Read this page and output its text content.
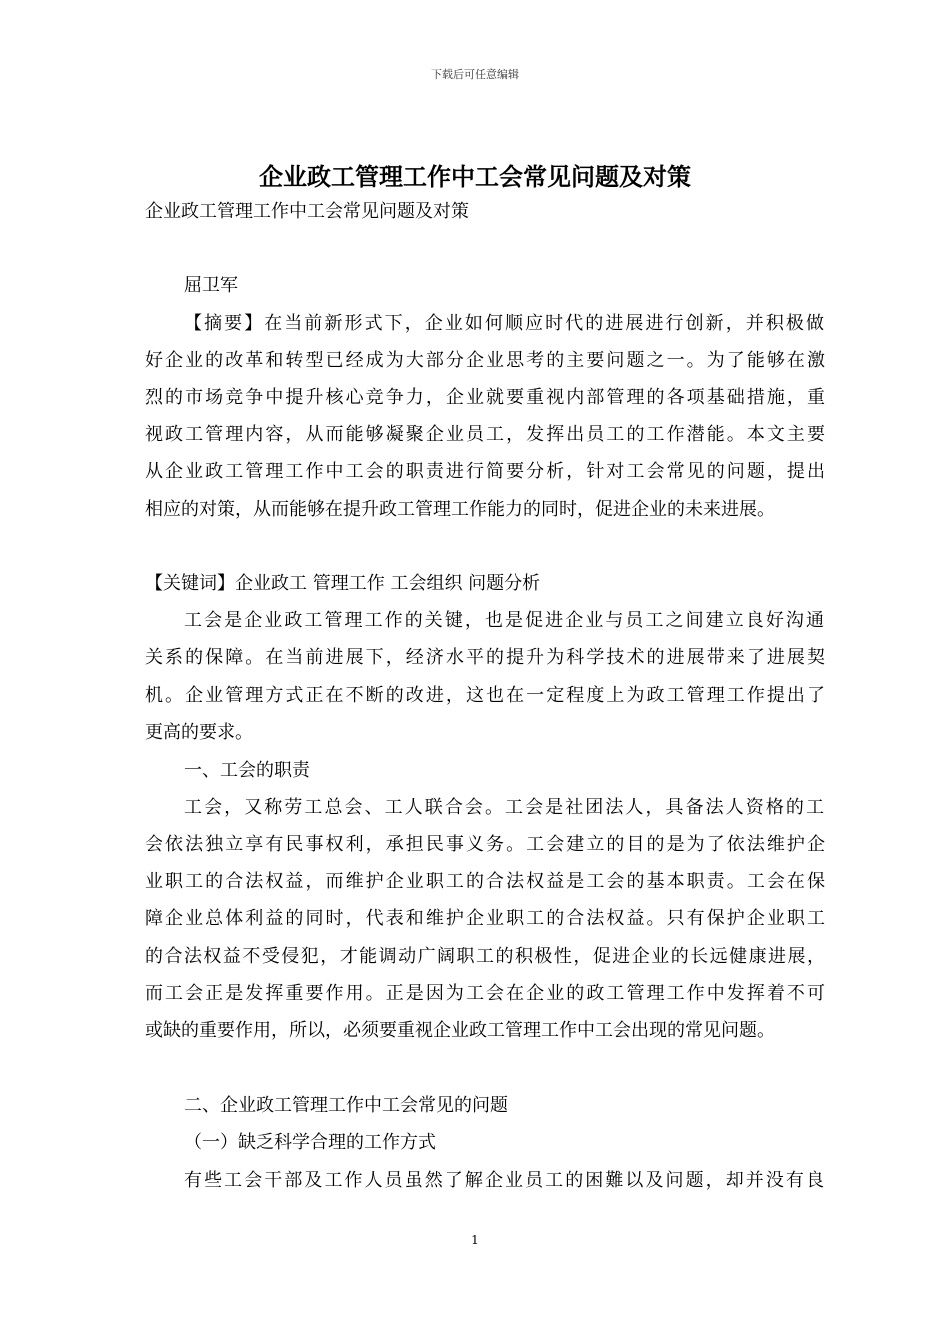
下载后可任意编辑
企业政工管理工作中工会常见问题及对策
企业政工管理工作中工会常见问题及对策
屈卫军
【摘要】在当前新形式下，企业如何顺应时代的进展进行创新，并积极做
好企业的改革和转型已经成为大部分企业思考的主要问题之一。为了能够在激
烈的市场竞争中提升核心竞争力，企业就要重视内部管理的各项基础措施，重
视政工管理内容，从而能够凝聚企业员工，发挥出员工的工作潜能。本文主要
从企业政工管理工作中工会的职责进行简要分析，针对工会常见的问题，提出
相应的对策，从而能够在提升政工管理工作能力的同时，促进企业的未来进展。
【关键词】企业政工 管理工作 工会组织 问题分析
工会是企业政工管理工作的关键，也是促进企业与员工之间建立良好沟通
关系的保障。在当前进展下，经济水平的提升为科学技术的进展带来了进展契
机。企业管理方式正在不断的改进，这也在一定程度上为政工管理工作提出了
更高的要求。
一、工会的职责
工会，又称劳工总会、工人联合会。工会是社团法人，具备法人资格的工
会依法独立享有民事权利，承担民事义务。工会建立的目的是为了依法维护企
业职工的合法权益，而维护企业职工的合法权益是工会的基本职责。工会在保
障企业总体利益的同时，代表和维护企业职工的合法权益。只有保护企业职工
的合法权益不受侵犯，才能调动广阔职工的积极性，促进企业的长远健康进展，
而工会正是发挥重要作用。正是因为工会在企业的政工管理工作中发挥着不可
或缺的重要作用，所以，必须要重视企业政工管理工作中工会出现的常见问题。
二、企业政工管理工作中工会常见的问题
（一）缺乏科学合理的工作方式
有些工会干部及工作人员虽然了解企业员工的困難以及问题，却并没有良
1
